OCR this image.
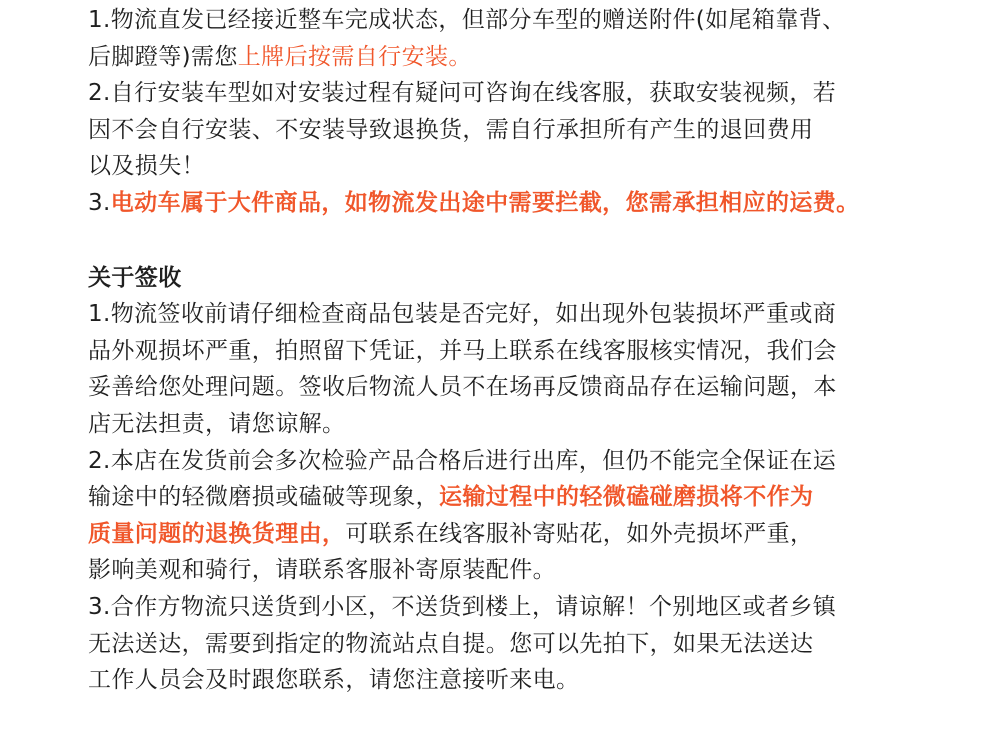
1.物流直发已经接近整车完成状态，但部分车型的赠送附件(如尾箱靠背、
后脚蹬等)需您上牌后按需自行安装。
2.自行安装车型如对安装过程有疑问可咨询在线客服，获取安装视频，若
因不会自行安装、不安装导致退换货，需自行承担所有产生的退回费用
以及损失！
3.电动车属于大件商品，如物流发出途中需要拦截，您需承担相应的运费。
关于签收
1.物流签收前请仔细检查商品包装是否完好，如出现外包装损坏严重或商
品外观损坏严重，拍照留下凭证，并马上联系在线客服核实情况，我们会
妥善给您处理问题。签收后物流人员不在场再反馈商品存在运输问题，本
店无法担责，请您谅解。
2.本店在发货前会多次检验产品合格后进行出库，但仍不能完全保证在运
输途中的轻微磨损或磕破等现象，运输过程中的轻微磕碰磨损将不作为
质量问题的退换货理由，可联系在线客服补寄贴花，如外壳损坏严重，
影响美观和骑行，请联系客服补寄原装配件。
3.合作方物流只送货到小区，不送货到楼上，请谅解！个别地区或者乡镇
无法送达，需要到指定的物流站点自提。您可以先拍下，如果无法送达
工作人员会及时跟您联系，请您注意接听来电。
